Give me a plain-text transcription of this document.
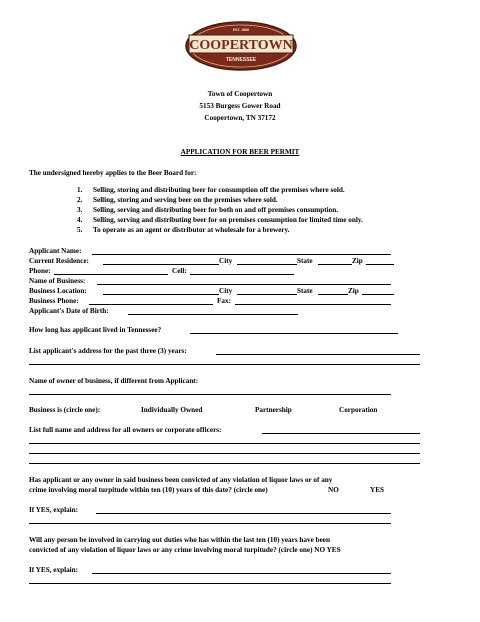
COOPERTOWN
TENNESSEE
EST. 1866
Town of Coopertown
5153 Burgess Gower Road
Coopertown, TN 37172
APPLICATION FOR BEER PERMIT
The undersigned hereby applies to the Beer Board for:
1. Selling, storing and distributing beer for consumption off the premises where sold.
2. Selling, storing and serving beer on the premises where sold.
3. Selling, serving and distributing beer for both on and off premises consumption.
4. Selling, serving and distributing beer for on premises consumption for limited time only.
5. To operate as an agent or distributor at wholesale for a brewery.
Applicant Name:
Current Residence:	City	State	Zip
Phone:	Cell:
Name of Business:
Business Location:	City	State	Zip
Business Phone:	Fax:
Applicant's Date of Birth:
How long has applicant lived in Tennessee?
List applicant's address for the past three (3) years:
Name of owner of business, if different from Applicant:
Business is (circle one):	Individually Owned	Partnership	Corporation
List full name and address for all owners or corporate officers:
Has applicant or any owner in said business been convicted of any violation of liquor laws or of any
crime involving moral turpitude within ten (10) years of this date? (circle one)	NO	YES
If YES, explain:
Will any person be involved in carrying out duties who has within the last ten (10) years have been
convicted of any violation of liquor laws or any crime involving moral turpitude? (circle one) NO YES
If YES, explain:
